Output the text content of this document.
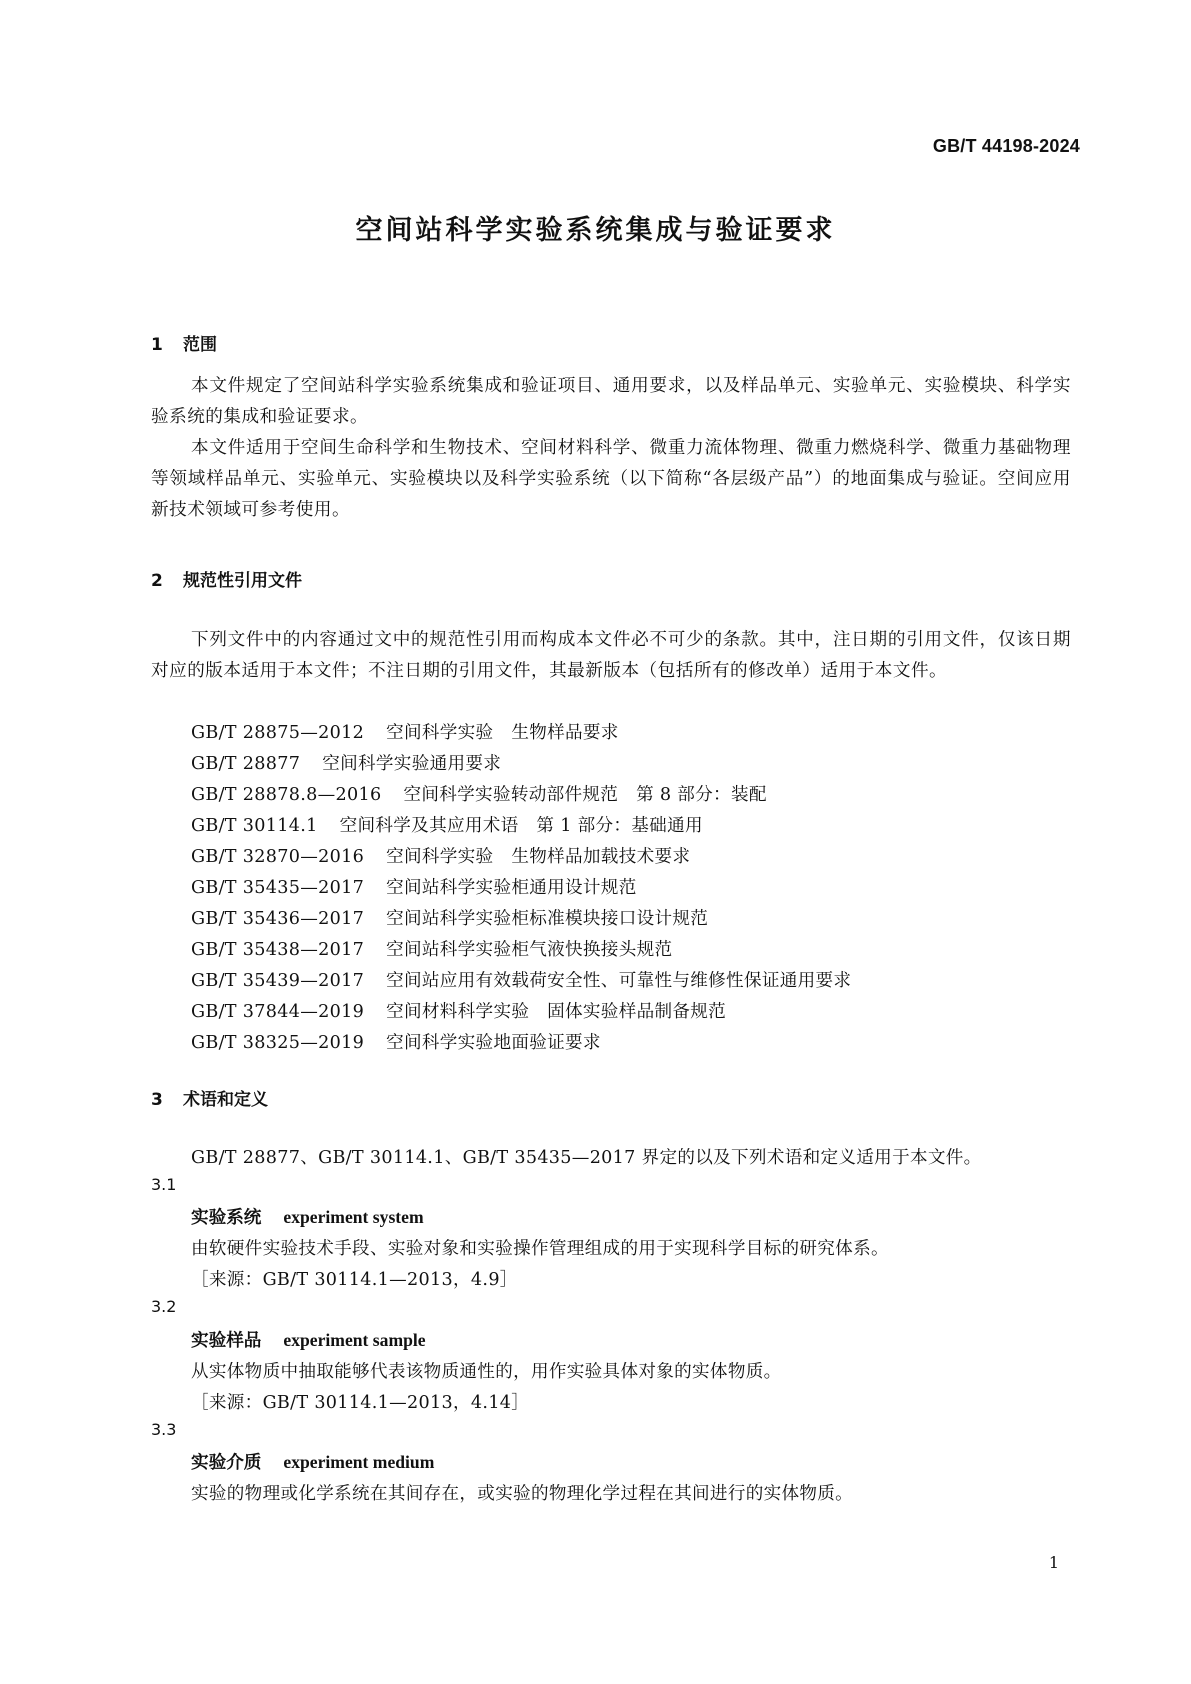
GB/T 44198-2024
空间站科学实验系统集成与验证要求
1 范围

本文件规定了空间站科学实验系统集成和验证项目、通用要求，以及样品单元、实验单元、实验模块、科学实验系统的集成和验证要求。

本文件适用于空间生命科学和生物技术、空间材料科学、微重力流体物理、微重力燃烧科学、微重力基础物理等领域样品单元、实验单元、实验模块以及科学实验系统（以下简称“各层级产品”）的地面集成与验证。空间应用新技术领域可参考使用。

2 规范性引用文件

下列文件中的内容通过文中的规范性引用而构成本文件必不可少的条款。其中，注日期的引用文件，仅该日期对应的版本适用于本文件；不注日期的引用文件，其最新版本（包括所有的修改单）适用于本文件。

GB/T 28875—2012 空间科学实验　生物样品要求
GB/T 28877 空间科学实验通用要求
GB/T 28878.8—2016 空间科学实验转动部件规范　第 8 部分：装配
GB/T 30114.1 空间科学及其应用术语　第 1 部分：基础通用
GB/T 32870—2016 空间科学实验　生物样品加载技术要求
GB/T 35435—2017 空间站科学实验柜通用设计规范
GB/T 35436—2017 空间站科学实验柜标准模块接口设计规范
GB/T 35438—2017 空间站科学实验柜气液快换接头规范
GB/T 35439—2017 空间站应用有效载荷安全性、可靠性与维修性保证通用要求
GB/T 37844—2019 空间材料科学实验　固体实验样品制备规范
GB/T 38325—2019 空间科学实验地面验证要求
3 术语和定义
GB/T 28877、GB/T 30114.1、GB/T 35435—2017 界定的以及下列术语和定义适用于本文件。
3.1
实验系统 experiment system
由软硬件实验技术手段、实验对象和实验操作管理组成的用于实现科学目标的研究体系。
［来源：GB/T 30114.1—2013，4.9］
3.2
实验样品 experiment sample
从实体物质中抽取能够代表该物质通性的，用作实验具体对象的实体物质。
［来源：GB/T 30114.1—2013，4.14］
3.3
实验介质 experiment medium
实验的物理或化学系统在其间存在，或实验的物理化学过程在其间进行的实体物质。
1
